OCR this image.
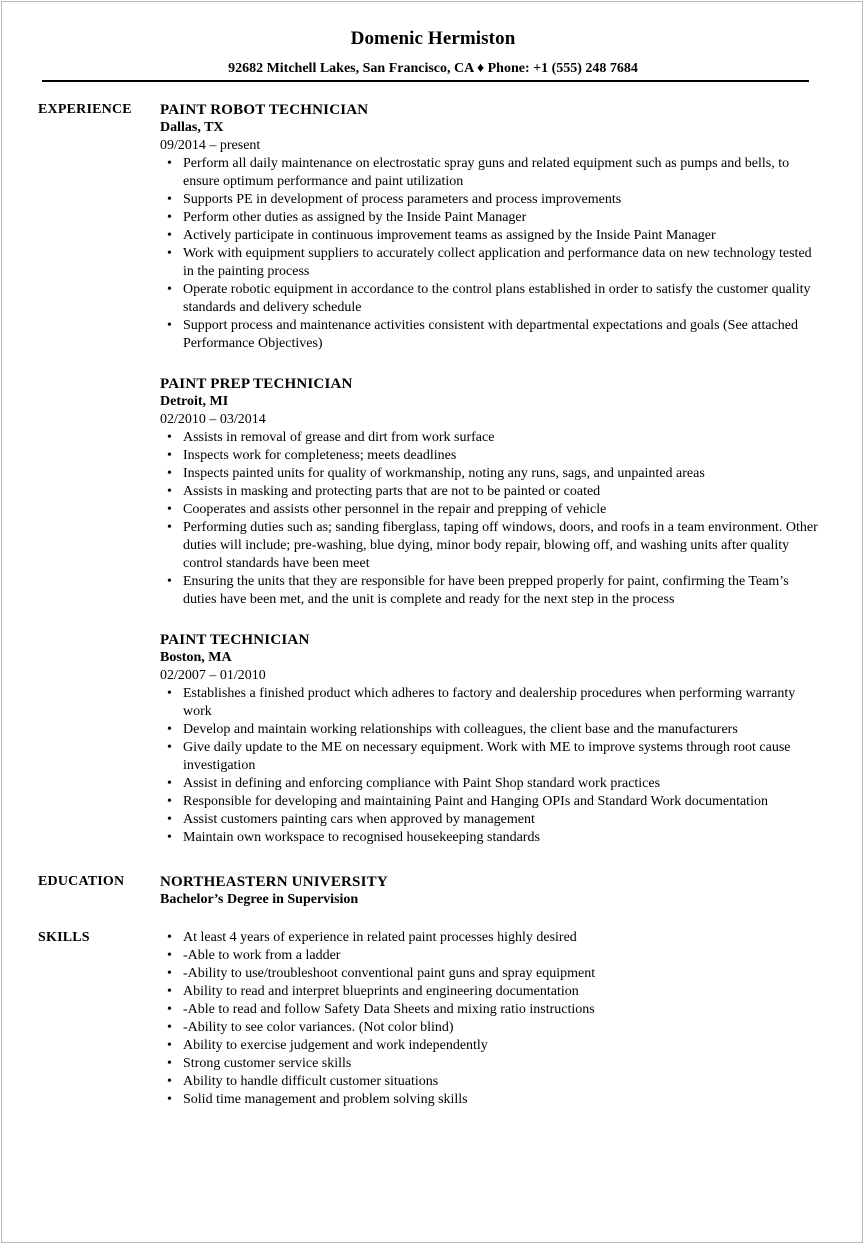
Domenic Hermiston
92682 Mitchell Lakes, San Francisco, CA ♦ Phone: +1 (555) 248 7684
EXPERIENCE PAINT ROBOT TECHNICIAN
Dallas, TX
09/2014 – present
• Perform all daily maintenance on electrostatic spray guns and related equipment such as pumps and bells, to ensure optimum performance and paint utilization
• Supports PE in development of process parameters and process improvements
• Perform other duties as assigned by the Inside Paint Manager
• Actively participate in continuous improvement teams as assigned by the Inside Paint Manager
• Work with equipment suppliers to accurately collect application and performance data on new technology tested in the painting process
• Operate robotic equipment in accordance to the control plans established in order to satisfy the customer quality standards and delivery schedule
• Support process and maintenance activities consistent with departmental expectations and goals (See attached Performance Objectives)
PAINT PREP TECHNICIAN
Detroit, MI
02/2010 – 03/2014
• Assists in removal of grease and dirt from work surface
• Inspects work for completeness; meets deadlines
• Inspects painted units for quality of workmanship, noting any runs, sags, and unpainted areas
• Assists in masking and protecting parts that are not to be painted or coated
• Cooperates and assists other personnel in the repair and prepping of vehicle
• Performing duties such as; sanding fiberglass, taping off windows, doors, and roofs in a team environment. Other duties will include; pre-washing, blue dying, minor body repair, blowing off, and washing units after quality control standards have been meet
• Ensuring the units that they are responsible for have been prepped properly for paint, confirming the Team’s duties have been met, and the unit is complete and ready for the next step in the process
PAINT TECHNICIAN
Boston, MA
02/2007 – 01/2010
• Establishes a finished product which adheres to factory and dealership procedures when performing warranty work
• Develop and maintain working relationships with colleagues, the client base and the manufacturers
• Give daily update to the ME on necessary equipment. Work with ME to improve systems through root cause investigation
• Assist in defining and enforcing compliance with Paint Shop standard work practices
• Responsible for developing and maintaining Paint and Hanging OPIs and Standard Work documentation
• Assist customers painting cars when approved by management
• Maintain own workspace to recognised housekeeping standards
EDUCATION NORTHEASTERN UNIVERSITY
Bachelor’s Degree in Supervision
SKILLS
•	At least 4 years of experience in related paint processes highly desired
• -Able to work from a ladder
• -Ability to use/troubleshoot conventional paint guns and spray equipment
• Ability to read and interpret blueprints and engineering documentation
• -Able to read and follow Safety Data Sheets and mixing ratio instructions
• -Ability to see color variances. (Not color blind)
• Ability to exercise judgement and work independently
• Strong customer service skills
• Ability to handle difficult customer situations
• Solid time management and problem solving skills
